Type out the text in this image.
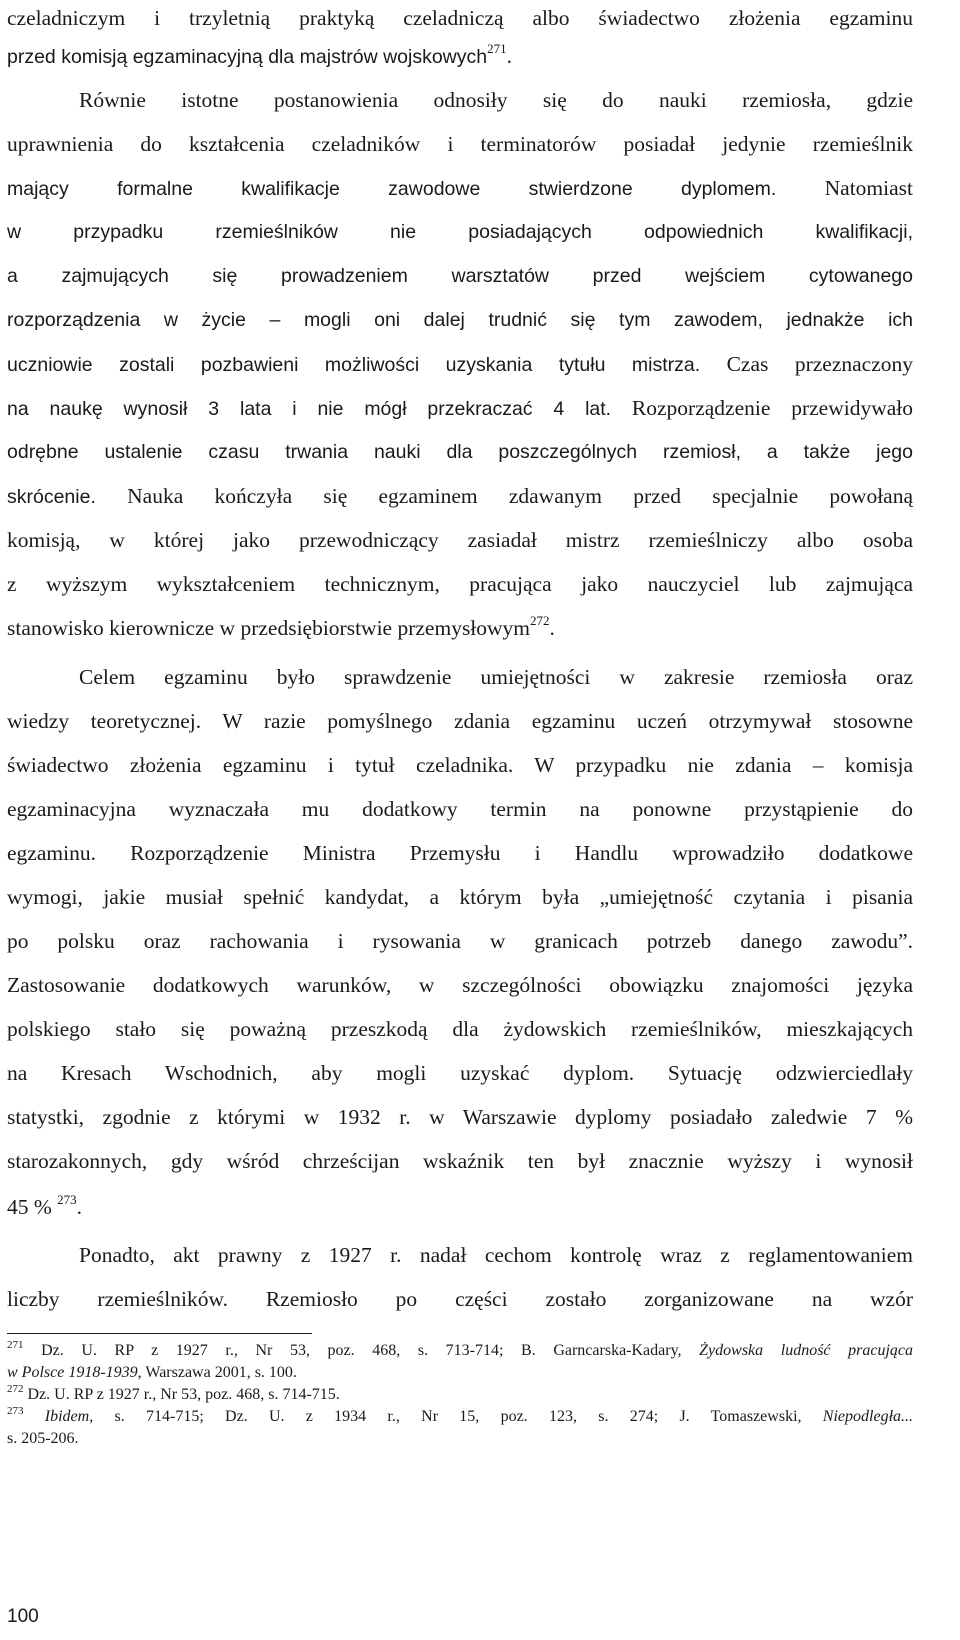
czeladniczym i trzyletnią praktyką czeladniczą albo świadectwo złożenia egzaminu
przed komisją egzaminacyjną dla majstrów wojskowych$^{271}$.
Równie istotne postanowienia odnosiły się do nauki rzemiosła, gdzie
uprawnienia do kształcenia czeladników i terminatorów posiadał jedynie rzemieślnik
mający formalne kwalifikacje zawodowe stwierdzone dyplomem. Natomiast
w przypadku rzemieślników nie posiadających odpowiednich kwalifikacji,
a zajmujących się prowadzeniem warsztatów przed wejściem cytowanego
rozporządzenia w życie – mogli oni dalej trudnić się tym zawodem, jednakże ich
uczniowie zostali pozbawieni możliwości uzyskania tytułu mistrza. Czas przeznaczony
na naukę wynosił 3 lata i nie mógł przekraczać 4 lat. Rozporządzenie przewidywało
odrębne ustalenie czasu trwania nauki dla poszczególnych rzemiosł, a także jego
skrócenie. Nauka kończyła się egzaminem zdawanym przed specjalnie powołaną
komisją, w której jako przewodniczący zasiadał mistrz rzemieślniczy albo osoba
z wyższym wykształceniem technicznym, pracująca jako nauczyciel lub zajmująca
stanowisko kierownicze w przedsiębiorstwie przemysłowym$^{272}$.
Celem egzaminu było sprawdzenie umiejętności w zakresie rzemiosła oraz
wiedzy teoretycznej. W razie pomyślnego zdania egzaminu uczeń otrzymywał stosowne
świadectwo złożenia egzaminu i tytuł czeladnika. W przypadku nie zdania – komisja
egzaminacyjna wyznaczała mu dodatkowy termin na ponowne przystąpienie do
egzaminu. Rozporządzenie Ministra Przemysłu i Handlu wprowadziło dodatkowe
wymogi, jakie musiał spełnić kandydat, a którym była „umiejętność czytania i pisania
po polsku oraz rachowania i rysowania w granicach potrzeb danego zawodu”.
Zastosowanie dodatkowych warunków, w szczególności obowiązku znajomości języka
polskiego stało się poważną przeszkodą dla żydowskich rzemieślników, mieszkających
na Kresach Wschodnich, aby mogli uzyskać dyplom. Sytuację odzwierciedlały
statystki, zgodnie z którymi w 1932 r. w Warszawie dyplomy posiadało zaledwie 7 %
starozakonnych, gdy wśród chrześcijan wskaźnik ten był znacznie wyższy i wynosił
45 % $^{273}$.
Ponadto, akt prawny z 1927 r. nadał cechom kontrolę wraz z reglamentowaniem
liczby rzemieślników. Rzemiosło po części zostało zorganizowane na wzór
$^{271}$ Dz. U. RP z 1927 r., Nr 53, poz. 468, s. 713-714; B. Garncarska-Kadary, Żydowska ludność pracująca
w Polsce 1918-1939, Warszawa 2001, s. 100.
$^{272}$ Dz. U. RP z 1927 r., Nr 53, poz. 468, s. 714-715.
$^{273}$ Ibidem, s. 714-715; Dz. U. z 1934 r., Nr 15, poz. 123, s. 274; J. Tomaszewski, Niepodległa...
s. 205-206.
100
